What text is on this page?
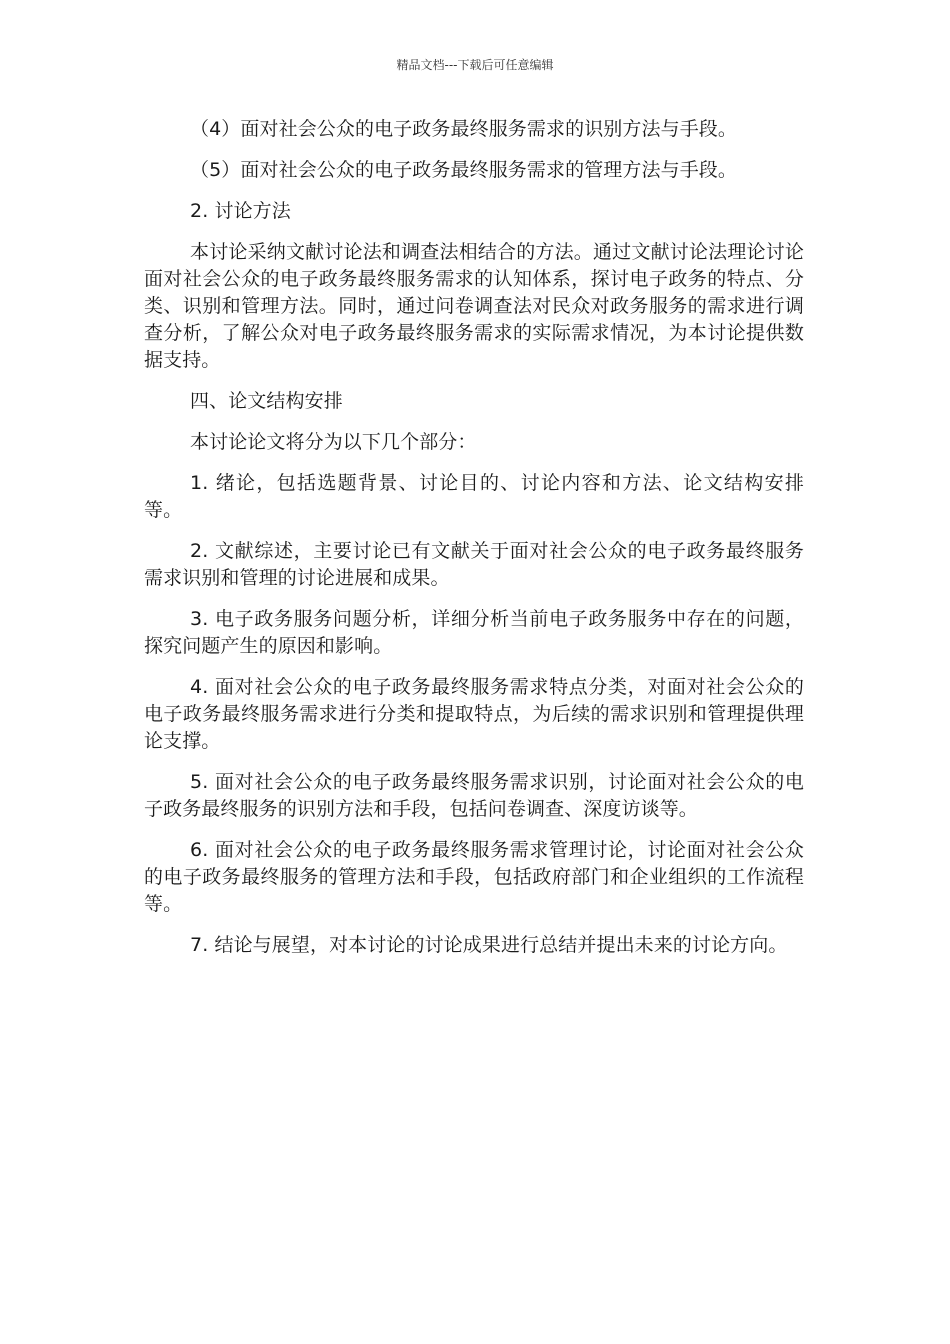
精品文档---下载后可任意编辑

（4）面对社会公众的电子政务最终服务需求的识别方法与手段。

（5）面对社会公众的电子政务最终服务需求的管理方法与手段。

2. 讨论方法

本讨论采纳文献讨论法和调查法相结合的方法。通过文献讨论法理论讨论面对社会公众的电子政务最终服务需求的认知体系，探讨电子政务的特点、分类、识别和管理方法。同时，通过问卷调查法对民众对政务服务的需求进行调查分析，了解公众对电子政务最终服务需求的实际需求情况，为本讨论提供数据支持。

四、论文结构安排

本讨论论文将分为以下几个部分：

1. 绪论，包括选题背景、讨论目的、讨论内容和方法、论文结构安排等。

2. 文献综述，主要讨论已有文献关于面对社会公众的电子政务最终服务需求识别和管理的讨论进展和成果。

3. 电子政务服务问题分析，详细分析当前电子政务服务中存在的问题，探究问题产生的原因和影响。

4. 面对社会公众的电子政务最终服务需求特点分类，对面对社会公众的电子政务最终服务需求进行分类和提取特点，为后续的需求识别和管理提供理论支撑。

5. 面对社会公众的电子政务最终服务需求识别，讨论面对社会公众的电子政务最终服务的识别方法和手段，包括问卷调查、深度访谈等。

6. 面对社会公众的电子政务最终服务需求管理讨论，讨论面对社会公众的电子政务最终服务的管理方法和手段，包括政府部门和企业组织的工作流程等。

7. 结论与展望，对本讨论的讨论成果进行总结并提出未来的讨论方向。
